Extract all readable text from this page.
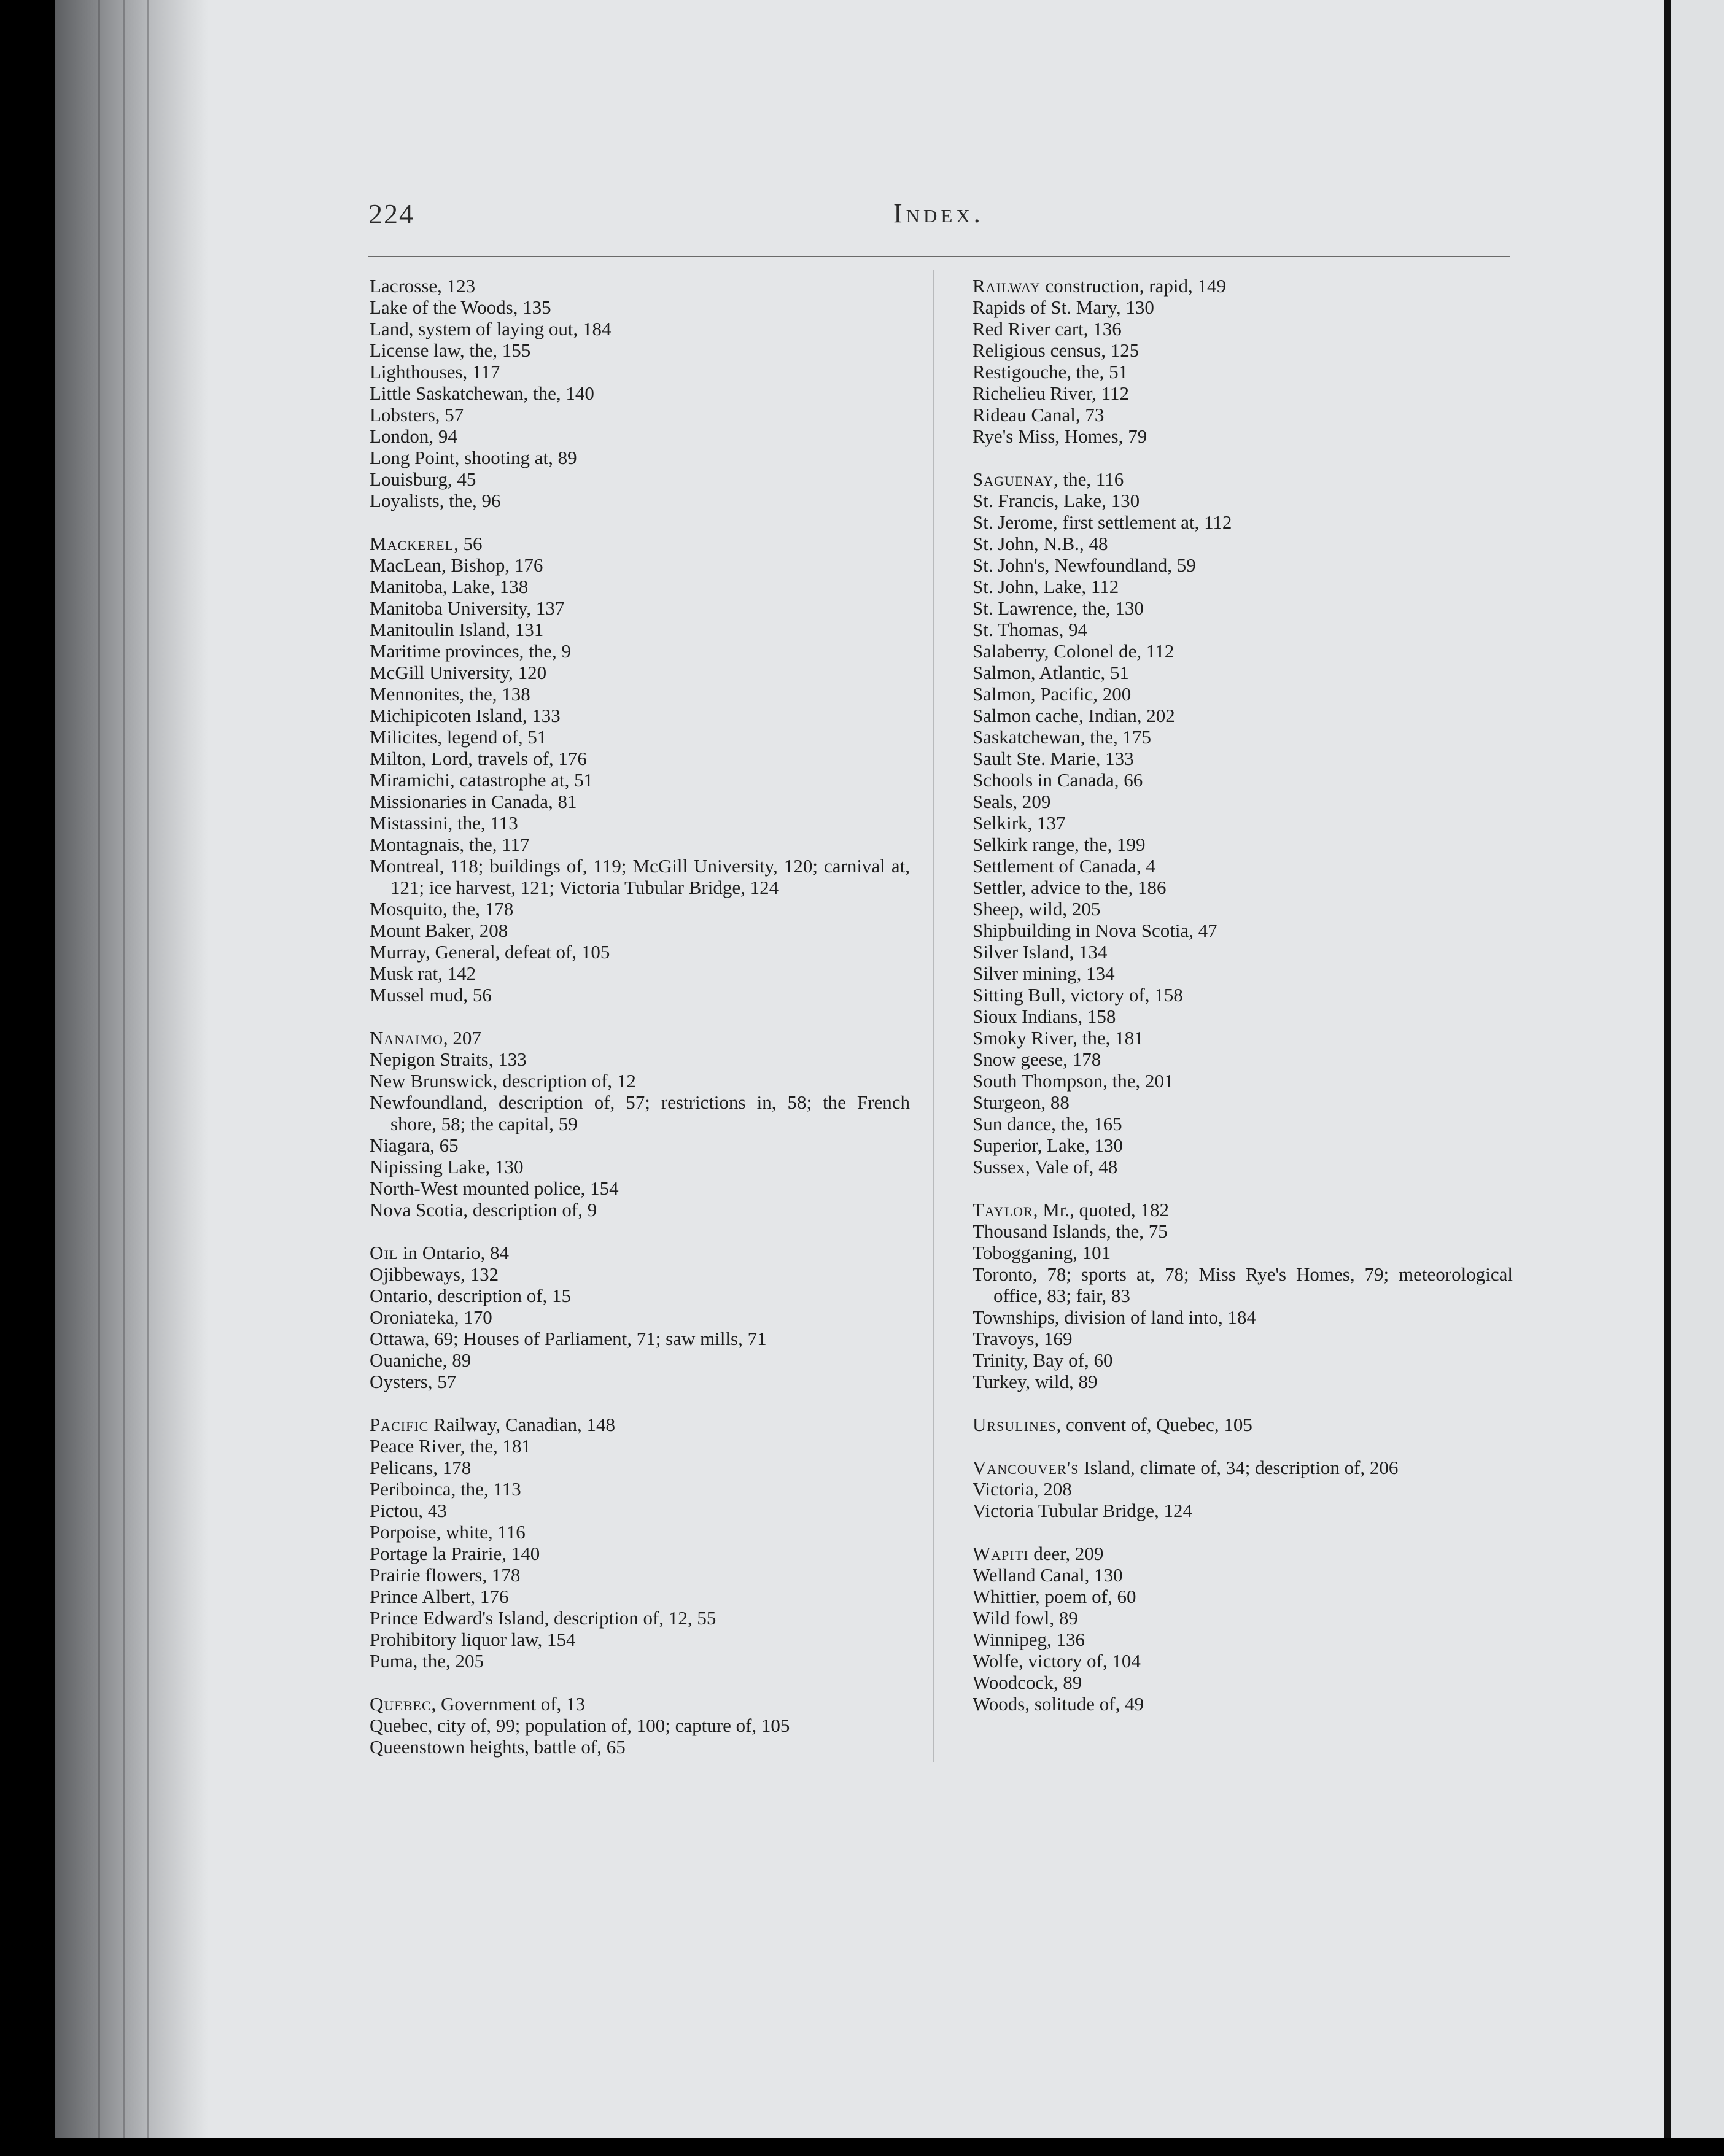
224	Index.
Lacrosse, 123
Lake of the Woods, 135
Land, system of laying out, 184
License law, the, 155
Lighthouses, 117
Little Saskatchewan, the, 140
Lobsters, 57
London, 94
Long Point, shooting at, 89
Louisburg, 45
Loyalists, the, 96
Mackerel, 56
MacLean, Bishop, 176
Manitoba, Lake, 138
Manitoba University, 137
Manitoulin Island, 131
Maritime provinces, the, 9
McGill University, 120
Mennonites, the, 138
Michipicoten Island, 133
Milicites, legend of, 51
Milton, Lord, travels of, 176
Miramichi, catastrophe at, 51
Missionaries in Canada, 81
Mistassini, the, 113
Montagnais, the, 117
Montreal, 118; buildings of, 119; McGill University, 120; carnival at, 121; ice harvest, 121; Victoria Tubular Bridge, 124
Mosquito, the, 178
Mount Baker, 208
Murray, General, defeat of, 105
Musk rat, 142
Mussel mud, 56
Nanaimo, 207
Nepigon Straits, 133
New Brunswick, description of, 12
Newfoundland, description of, 57; restrictions in, 58; the French shore, 58; the capital, 59
Niagara, 65
Nipissing Lake, 130
North-West mounted police, 154
Nova Scotia, description of, 9
Oil in Ontario, 84
Ojibbeways, 132
Ontario, description of, 15
Oroniateka, 170
Ottawa, 69; Houses of Parliament, 71; saw mills, 71
Ouaniche, 89
Oysters, 57
Pacific Railway, Canadian, 148
Peace River, the, 181
Pelicans, 178
Periboinca, the, 113
Pictou, 43
Porpoise, white, 116
Portage la Prairie, 140
Prairie flowers, 178
Prince Albert, 176
Prince Edward's Island, description of, 12, 55
Prohibitory liquor law, 154
Puma, the, 205
Quebec, Government of, 13
Quebec, city of, 99; population of, 100; capture of, 105
Queenstown heights, battle of, 65
Railway construction, rapid, 149
Rapids of St. Mary, 130
Red River cart, 136
Religious census, 125
Restigouche, the, 51
Richelieu River, 112
Rideau Canal, 73
Rye's Miss, Homes, 79
Saguenay, the, 116
St. Francis, Lake, 130
St. Jerome, first settlement at, 112
St. John, N.B., 48
St. John's, Newfoundland, 59
St. John, Lake, 112
St. Lawrence, the, 130
St. Thomas, 94
Salaberry, Colonel de, 112
Salmon, Atlantic, 51
Salmon, Pacific, 200
Salmon cache, Indian, 202
Saskatchewan, the, 175
Sault Ste. Marie, 133
Schools in Canada, 66
Seals, 209
Selkirk, 137
Selkirk range, the, 199
Settlement of Canada, 4
Settler, advice to the, 186
Sheep, wild, 205
Shipbuilding in Nova Scotia, 47
Silver Island, 134
Silver mining, 134
Sitting Bull, victory of, 158
Sioux Indians, 158
Smoky River, the, 181
Snow geese, 178
South Thompson, the, 201
Sturgeon, 88
Sun dance, the, 165
Superior, Lake, 130
Sussex, Vale of, 48
Taylor, Mr., quoted, 182
Thousand Islands, the, 75
Tobogganing, 101
Toronto, 78; sports at, 78; Miss Rye's Homes, 79; meteorological office, 83; fair, 83
Townships, division of land into, 184
Travoys, 169
Trinity, Bay of, 60
Turkey, wild, 89
Ursulines, convent of, Quebec, 105
Vancouver's Island, climate of, 34; description of, 206
Victoria, 208
Victoria Tubular Bridge, 124
Wapiti deer, 209
Welland Canal, 130
Whittier, poem of, 60
Wild fowl, 89
Winnipeg, 136
Wolfe, victory of, 104
Woodcock, 89
Woods, solitude of, 49
